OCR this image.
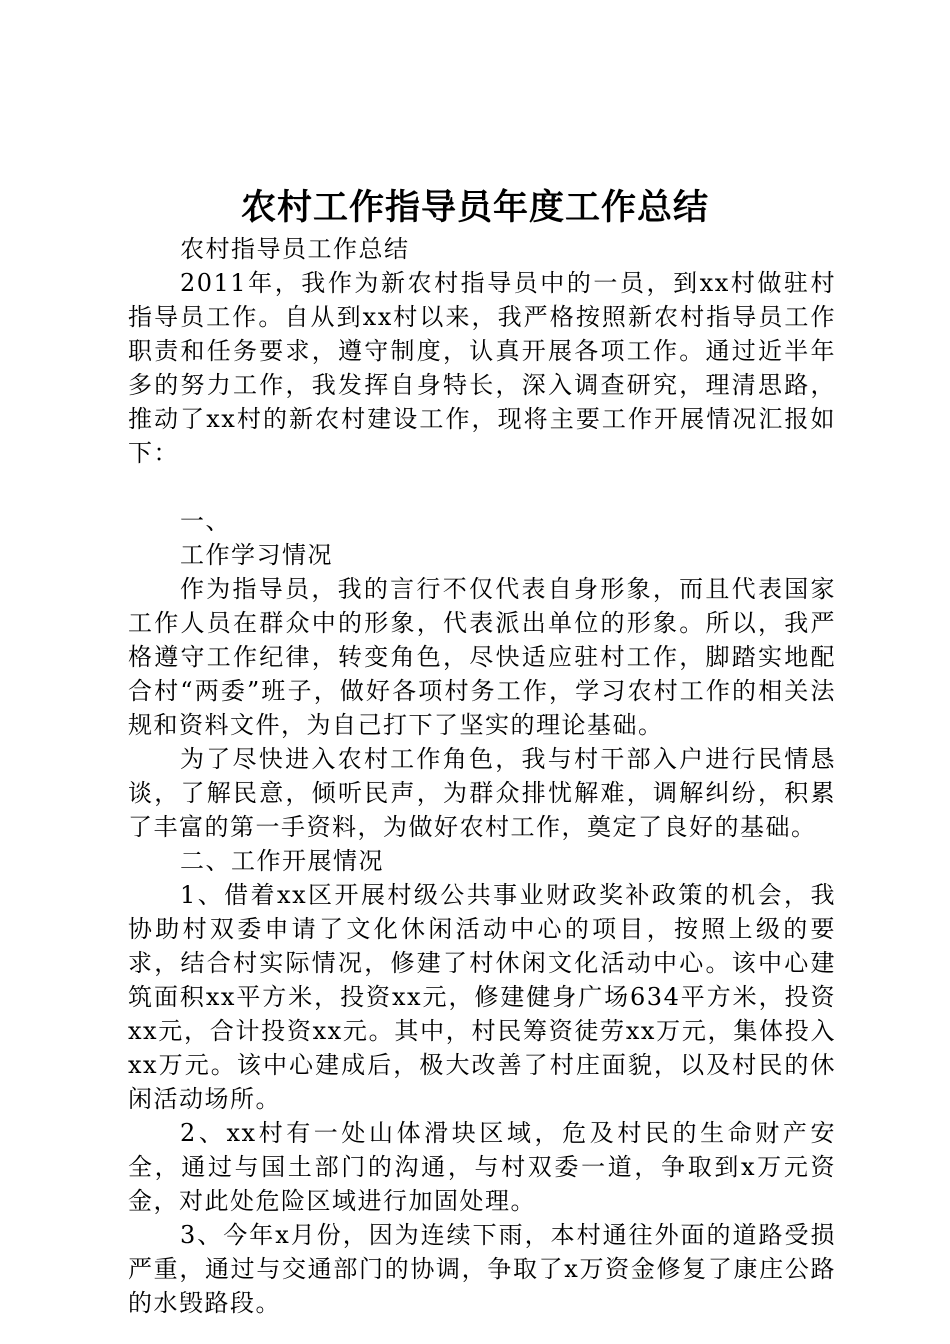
农村工作指导员年度工作总结

农村指导员工作总结

2011年，我作为新农村指导员中的一员，到xx村做驻村指导员工作。自从到xx村以来，我严格按照新农村指导员工作职责和任务要求，遵守制度，认真开展各项工作。通过近半年多的努力工作，我发挥自身特长，深入调查研究，理清思路，推动了xx村的新农村建设工作，现将主要工作开展情况汇报如下：

一、

工作学习情况

作为指导员，我的言行不仅代表自身形象，而且代表国家工作人员在群众中的形象，代表派出单位的形象。所以，我严格遵守工作纪律，转变角色，尽快适应驻村工作，脚踏实地配合村“两委”班子，做好各项村务工作，学习农村工作的相关法规和资料文件，为自己打下了坚实的理论基础。

为了尽快进入农村工作角色，我与村干部入户进行民情恳谈，了解民意，倾听民声，为群众排忧解难，调解纠纷，积累了丰富的第一手资料，为做好农村工作，奠定了良好的基础。

二、工作开展情况

1、借着xx区开展村级公共事业财政奖补政策的机会，我协助村双委申请了文化休闲活动中心的项目，按照上级的要求，结合村实际情况，修建了村休闲文化活动中心。该中心建筑面积xx平方米，投资xx元，修建健身广场634平方米，投资xx元，合计投资xx元。其中，村民筹资徒劳xx万元，集体投入xx万元。该中心建成后，极大改善了村庄面貌，以及村民的休闲活动场所。

2、xx村有一处山体滑块区域，危及村民的生命财产安全，通过与国土部门的沟通，与村双委一道，争取到x万元资金，对此处危险区域进行加固处理。

3、今年x月份，因为连续下雨，本村通往外面的道路受损严重，通过与交通部门的协调，争取了x万资金修复了康庄公路的水毁路段。
